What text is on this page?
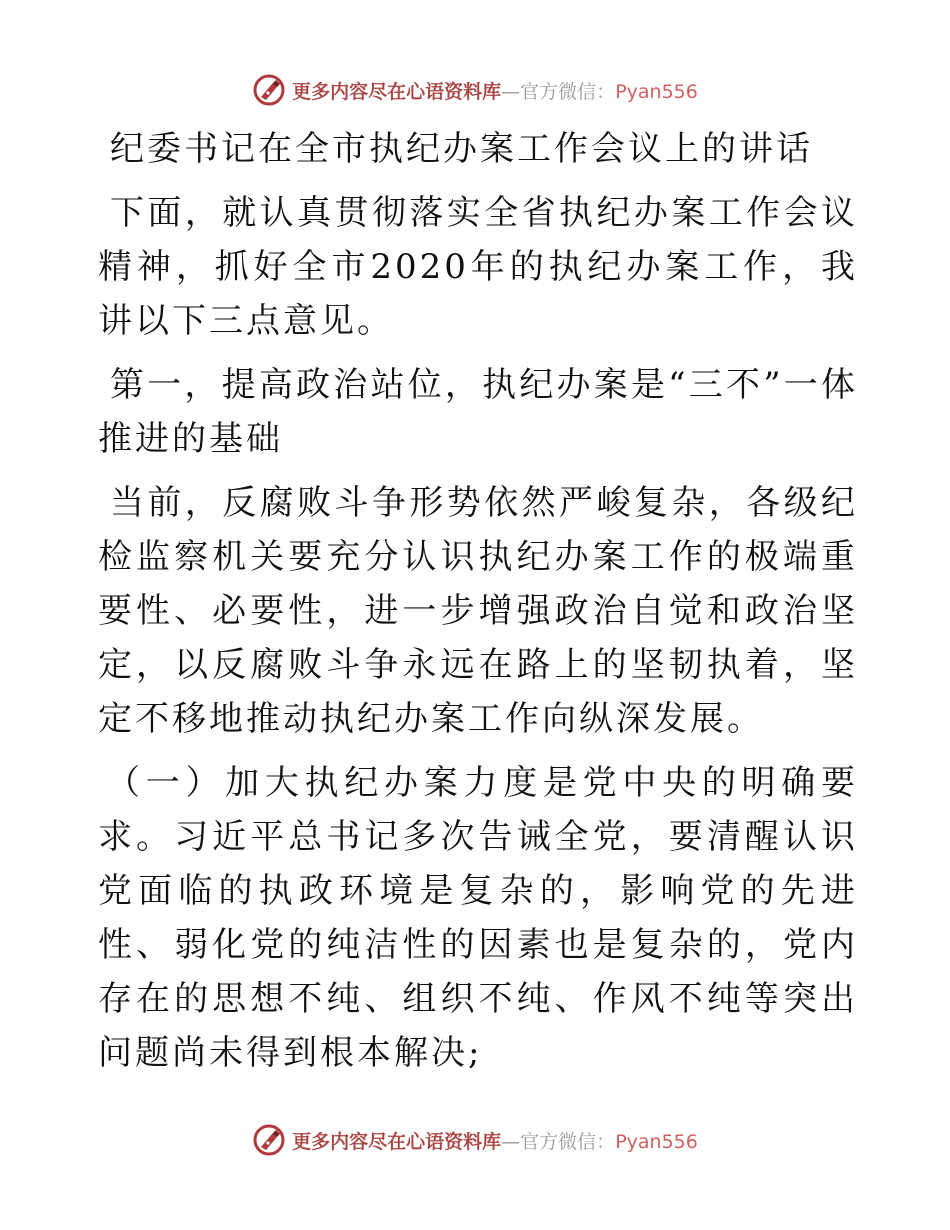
更多内容尽在心语资料库—官方微信：Pyan556

纪委书记在全市执纪办案工作会议上的讲话

下面，就认真贯彻落实全省执纪办案工作会议精神，抓好全市2020年的执纪办案工作，我讲以下三点意见。

第一，提高政治站位，执纪办案是“三不”一体推进的基础

当前，反腐败斗争形势依然严峻复杂，各级纪检监察机关要充分认识执纪办案工作的极端重要性、必要性，进一步增强政治自觉和政治坚定，以反腐败斗争永远在路上的坚韧执着，坚定不移地推动执纪办案工作向纵深发展。

（一）加大执纪办案力度是党中央的明确要求。习近平总书记多次告诫全党，要清醒认识党面临的执政环境是复杂的，影响党的先进性、弱化党的纯洁性的因素也是复杂的，党内存在的思想不纯、组织不纯、作风不纯等突出问题尚未得到根本解决;

更多内容尽在心语资料库—官方微信：Pyan556
